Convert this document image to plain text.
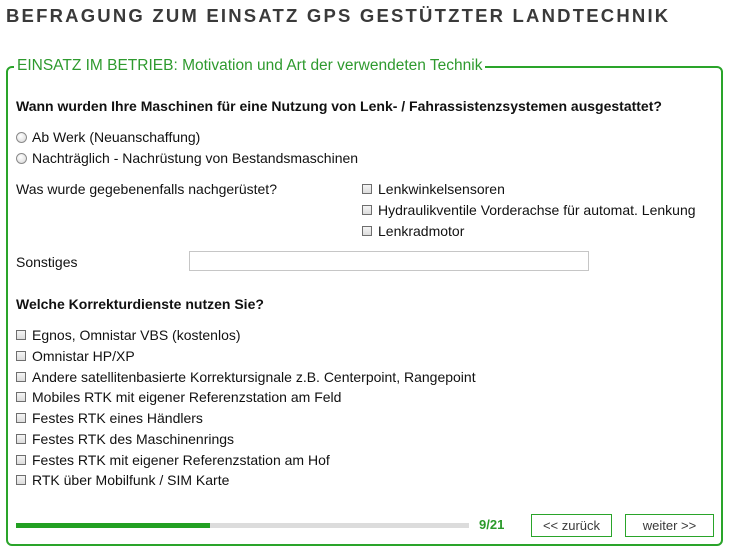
BEFRAGUNG ZUM EINSATZ GPS GESTÜTZTER LANDTECHNIK
EINSATZ IM BETRIEB: Motivation und Art der verwendeten Technik
Wann wurden Ihre Maschinen für eine Nutzung von Lenk- / Fahrassistenzsystemen ausgestattet?
Ab Werk (Neuanschaffung)
Nachträglich - Nachrüstung von Bestandsmaschinen
Was wurde gegebenenfalls nachgerüstet?	Lenkwinkelsensoren
Hydraulikventile Vorderachse für automat. Lenkung
Lenkradmotor
Sonstiges
Welche Korrekturdienste nutzen Sie?
Egnos, Omnistar VBS (kostenlos)
Omnistar HP/XP
Andere satellitenbasierte Korrektursignale z.B. Centerpoint, Rangepoint
Mobiles RTK mit eigener Referenzstation am Feld
Festes RTK eines Händlers
Festes RTK des Maschinenrings
Festes RTK mit eigener Referenzstation am Hof
RTK über Mobilfunk / SIM Karte
9/21	<< zurück	weiter >>
